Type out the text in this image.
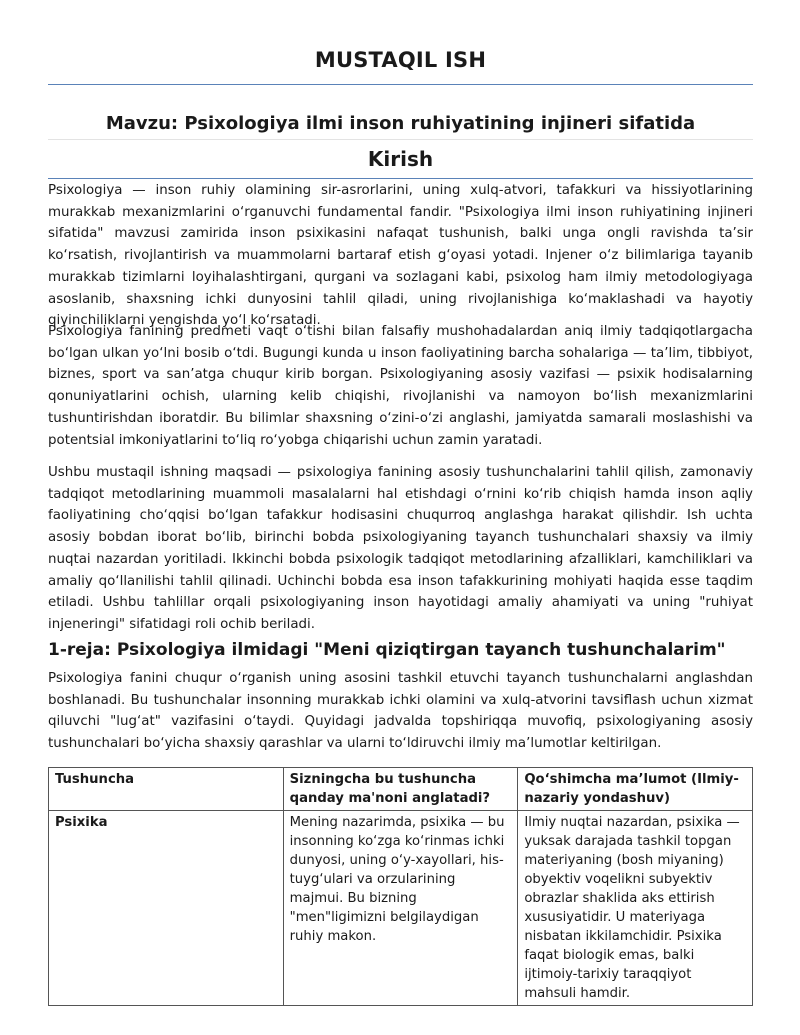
MUSTAQIL ISH
Mavzu: Psixologiya ilmi inson ruhiyatining injineri sifatida
Kirish

Psixologiya — inson ruhiy olamining sir-asrorlarini, uning xulq-atvori, tafakkuri va hissiyotlarining murakkab mexanizmlarini o‘rganuvchi fundamental fandir. "Psixologiya ilmi inson ruhiyatining injineri sifatida" mavzusi zamirida inson psixikasini nafaqat tushunish, balki unga ongli ravishda ta’sir ko‘rsatish, rivojlantirish va muammolarni bartaraf etish g‘oyasi yotadi. Injener o‘z bilimlariga tayanib murakkab tizimlarni loyihalashtirgani, qurgani va sozlagani kabi, psixolog ham ilmiy metodologiyaga asoslanib, shaxsning ichki dunyosini tahlil qiladi, uning rivojlanishiga ko‘maklashadi va hayotiy qiyinchiliklarni yengishda yo‘l ko‘rsatadi.

Psixologiya fanining predmeti vaqt o‘tishi bilan falsafiy mushohadalardan aniq ilmiy tadqiqotlargacha bo‘lgan ulkan yo‘lni bosib o‘tdi. Bugungi kunda u inson faoliyatining barcha sohalariga — ta’lim, tibbiyot, biznes, sport va san’atga chuqur kirib borgan. Psixologiyaning asosiy vazifasi — psixik hodisalarning qonuniyatlarini ochish, ularning kelib chiqishi, rivojlanishi va namoyon bo‘lish mexanizmlarini tushuntirishdan iboratdir. Bu bilimlar shaxsning o‘zini-o‘zi anglashi, jamiyatda samarali moslashishi va potentsial imkoniyatlarini to‘liq ro‘yobga chiqarishi uchun zamin yaratadi.

Ushbu mustaqil ishning maqsadi — psixologiya fanining asosiy tushunchalarini tahlil qilish, zamonaviy tadqiqot metodlarining muammoli masalalarni hal etishdagi o‘rnini ko‘rib chiqish hamda inson aqliy faoliyatining cho‘qqisi bo‘lgan tafakkur hodisasini chuqurroq anglashga harakat qilishdir. Ish uchta asosiy bobdan iborat bo‘lib, birinchi bobda psixologiyaning tayanch tushunchalari shaxsiy va ilmiy nuqtai nazardan yoritiladi. Ikkinchi bobda psixologik tadqiqot metodlarining afzalliklari, kamchiliklari va amaliy qo‘llanilishi tahlil qilinadi. Uchinchi bobda esa inson tafakkurining mohiyati haqida esse taqdim etiladi. Ushbu tahlillar orqali psixologiyaning inson hayotidagi amaliy ahamiyati va uning "ruhiyat injeneringi" sifatidagi roli ochib beriladi.

1-reja: Psixologiya ilmidagi "Meni qiziqtirgan tayanch tushunchalarim"

Psixologiya fanini chuqur o‘rganish uning asosini tashkil etuvchi tayanch tushunchalarni anglashdan boshlanadi. Bu tushunchalar insonning murakkab ichki olamini va xulq-atvorini tavsiflash uchun xizmat qiluvchi "lug‘at" vazifasini o‘taydi. Quyidagi jadvalda topshiriqqa muvofiq, psixologiyaning asosiy tushunchalari bo‘yicha shaxsiy qarashlar va ularni to‘ldiruvchi ilmiy ma’lumotlar keltirilgan.

Tushuncha	Sizningcha bu tushuncha qanday ma'noni anglatadi?	Qo‘shimcha ma’lumot (Ilmiy-nazariy yondashuv)
Psixika	Mening nazarimda, psixika — bu insonning ko‘zga ko‘rinmas ichki dunyosi, uning o‘y-xayollari, his-tuyg‘ulari va orzularining majmui. Bu bizning "men"ligimizni belgilaydigan ruhiy makon.	Ilmiy nuqtai nazardan, psixika — yuksak darajada tashkil topgan materiyaning (bosh miyaning) obyektiv voqelikni subyektiv obrazlar shaklida aks ettirish xususiyatidir. U materiyaga nisbatan ikkilamchidir. Psixika faqat biologik emas, balki ijtimoiy-tarixiy taraqqiyot mahsuli hamdir.
